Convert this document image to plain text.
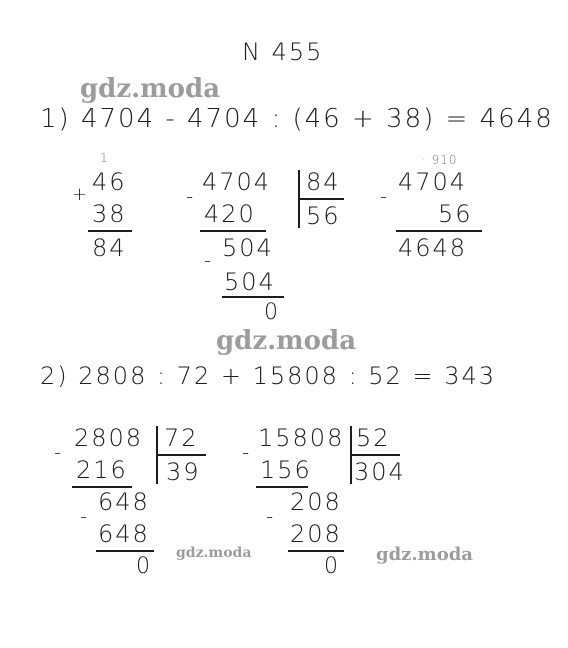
N 455
gdz.moda
gdz.moda
gdz.moda	gdz.moda
1) 4704 - 4704 : (46 + 38) = 4648
1
+ 46
38
84
- 4704 84
56
420
- 504
504
0
· 910
- 4704
56
4648
2) 2808 : 72 + 15808 : 52 = 343
- 2808 72
39
216
- 648
648
0
- 15808 52
304
156
- 208
208
0
